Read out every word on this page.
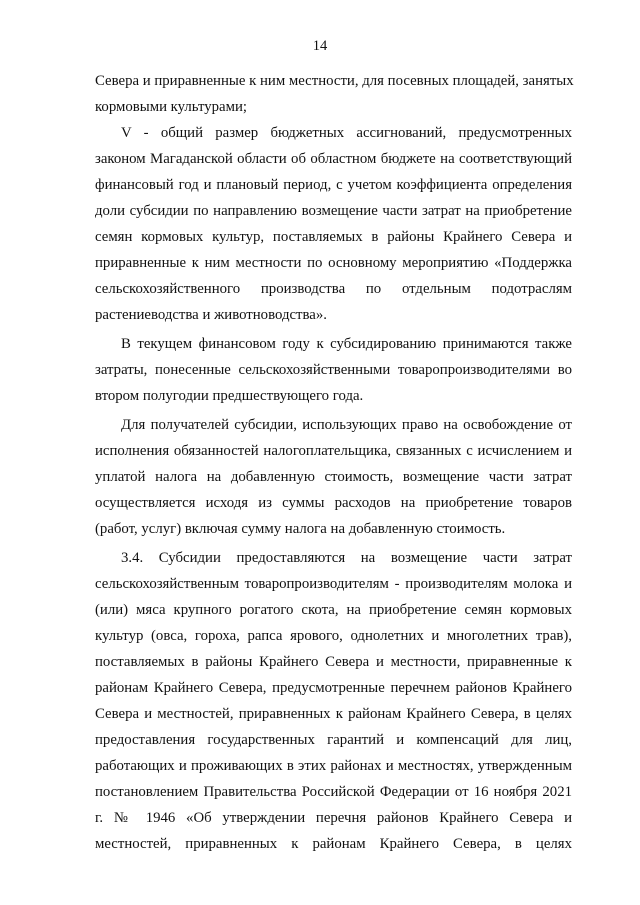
14
Севера и приравненные к ним местности, для посевных площадей, занятых
кормовыми культурами;
V - общий размер бюджетных ассигнований, предусмотренных
законом Магаданской области об областном бюджете на соответствующий
финансовый год и плановый период, с учетом коэффициента определения
доли субсидии по направлению возмещение части затрат на приобретение
семян кормовых культур, поставляемых в районы Крайнего Севера и
приравненные к ним местности по основному мероприятию «Поддержка
сельскохозяйственного производства по отдельным подотраслям
растениеводства и животноводства».
В текущем финансовом году к субсидированию принимаются также
затраты, понесенные сельскохозяйственными товаропроизводителями во
втором полугодии предшествующего года.
Для получателей субсидии, использующих право на освобождение от
исполнения обязанностей налогоплательщика, связанных с исчислением и
уплатой налога на добавленную стоимость, возмещение части затрат
осуществляется исходя из суммы расходов на приобретение товаров
(работ, услуг) включая сумму налога на добавленную стоимость.
3.4. Субсидии предоставляются на возмещение части затрат
сельскохозяйственным товаропроизводителям - производителям молока и
(или) мяса крупного рогатого скота, на приобретение семян кормовых
культур (овса, гороха, рапса ярового, однолетних и многолетних трав),
поставляемых в районы Крайнего Севера и местности, приравненные к
районам Крайнего Севера, предусмотренные перечнем районов Крайнего
Севера и местностей, приравненных к районам Крайнего Севера, в целях
предоставления государственных гарантий и компенсаций для лиц,
работающих и проживающих в этих районах и местностях, утвержденным
постановлением Правительства Российской Федерации от 16 ноября 2021
г. № 1946 «Об утверждении перечня районов Крайнего Севера и
местностей, приравненных к районам Крайнего Севера, в целях
